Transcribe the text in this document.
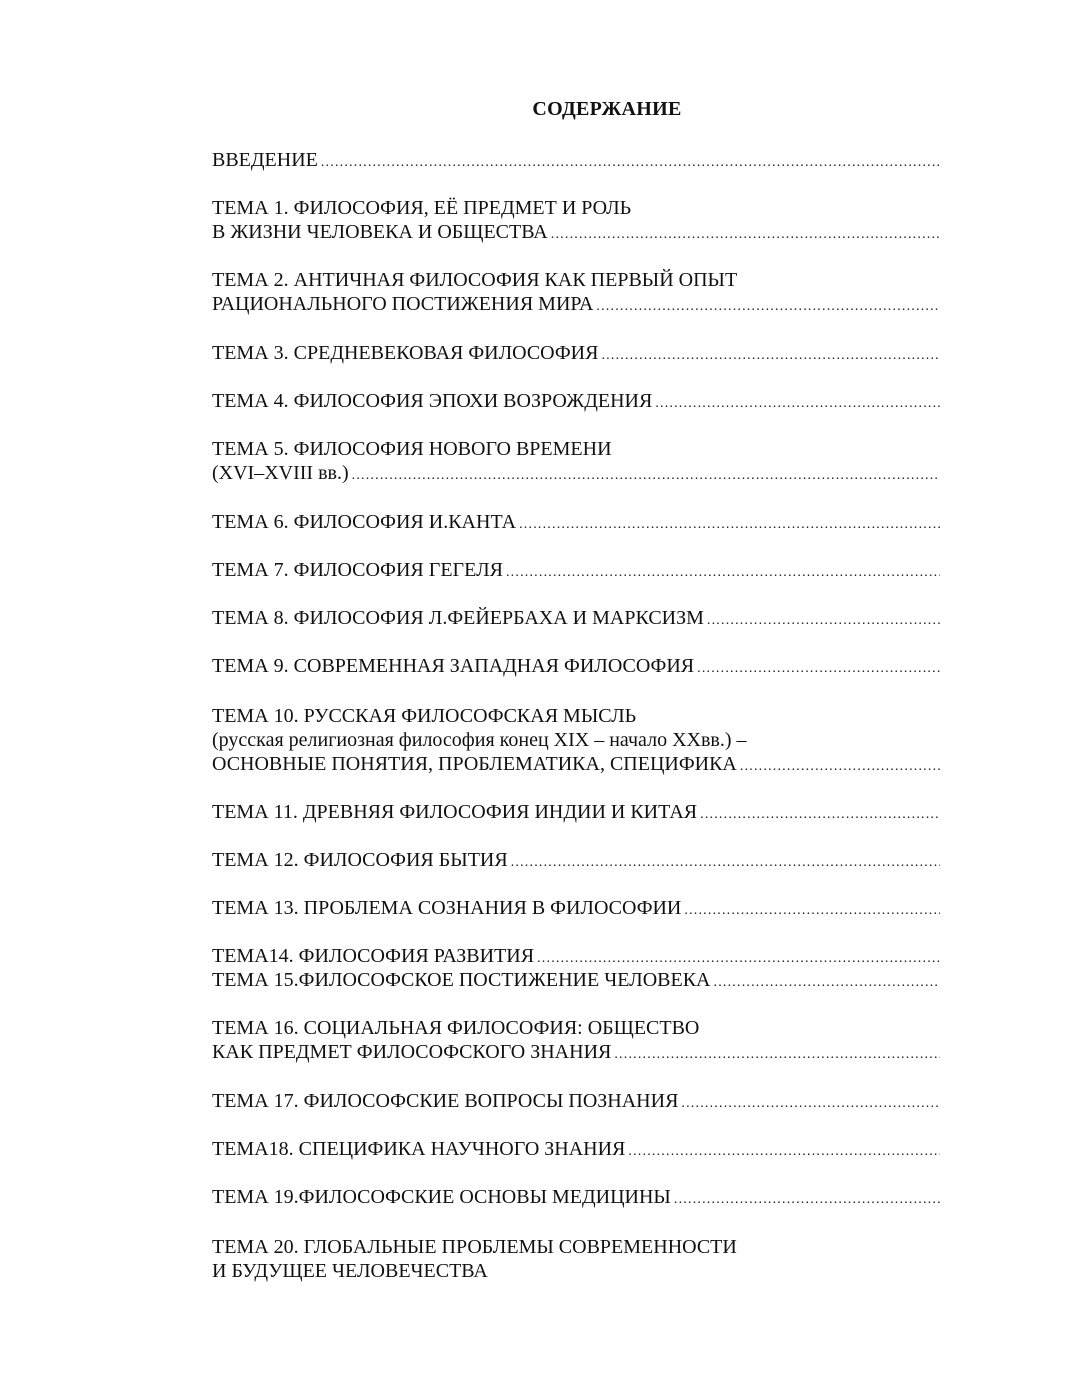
СОДЕРЖАНИЕ
ВВЕДЕНИЕ
.....
ТЕМА 1. ФИЛОСОФИЯ, ЕЁ ПРЕДМЕТ И РОЛЬ
В ЖИЗНИ ЧЕЛОВЕКА И ОБЩЕСТВА
.....
ТЕМА 2. АНТИЧНАЯ ФИЛОСОФИЯ КАК ПЕРВЫЙ ОПЫТ
РАЦИОНАЛЬНОГО ПОСТИЖЕНИЯ МИРА
.....
ТЕМА 3. СРЕДНЕВЕКОВАЯ ФИЛОСОФИЯ
.....
ТЕМА 4. ФИЛОСОФИЯ ЭПОХИ ВОЗРОЖДЕНИЯ
.....
ТЕМА 5. ФИЛОСОФИЯ НОВОГО ВРЕМЕНИ
(XVI–XVIII вв.)
.....
ТЕМА 6. ФИЛОСОФИЯ И.КАНТА
.....
ТЕМА 7. ФИЛОСОФИЯ ГЕГЕЛЯ
.....
ТЕМА 8. ФИЛОСОФИЯ Л.ФЕЙЕРБАХА И МАРКСИЗМ
.....
ТЕМА 9. СОВРЕМЕННАЯ ЗАПАДНАЯ ФИЛОСОФИЯ
.....
ТЕМА 10. РУССКАЯ ФИЛОСОФСКАЯ МЫСЛЬ
(русская религиозная философия конец XIX – начало XXвв.) –
ОСНОВНЫЕ ПОНЯТИЯ, ПРОБЛЕМАТИКА, СПЕЦИФИКА
.....
ТЕМА 11. ДРЕВНЯЯ ФИЛОСОФИЯ ИНДИИ И КИТАЯ
.....
ТЕМА 12. ФИЛОСОФИЯ БЫТИЯ
.....
ТЕМА 13. ПРОБЛЕМА СОЗНАНИЯ В ФИЛОСОФИИ
.....
ТЕМА14. ФИЛОСОФИЯ РАЗВИТИЯ
.....
ТЕМА 15.ФИЛОСОФСКОЕ ПОСТИЖЕНИЕ ЧЕЛОВЕКА
.....
ТЕМА 16. СОЦИАЛЬНАЯ ФИЛОСОФИЯ: ОБЩЕСТВО
КАК ПРЕДМЕТ ФИЛОСОФСКОГО ЗНАНИЯ
.....
ТЕМА 17. ФИЛОСОФСКИЕ ВОПРОСЫ ПОЗНАНИЯ
.....
ТЕМА18. СПЕЦИФИКА НАУЧНОГО ЗНАНИЯ
.....
ТЕМА 19.ФИЛОСОФСКИЕ ОСНОВЫ МЕДИЦИНЫ
.....
ТЕМА 20. ГЛОБАЛЬНЫЕ ПРОБЛЕМЫ СОВРЕМЕННОСТИ
И БУДУЩЕЕ ЧЕЛОВЕЧЕСТВА
